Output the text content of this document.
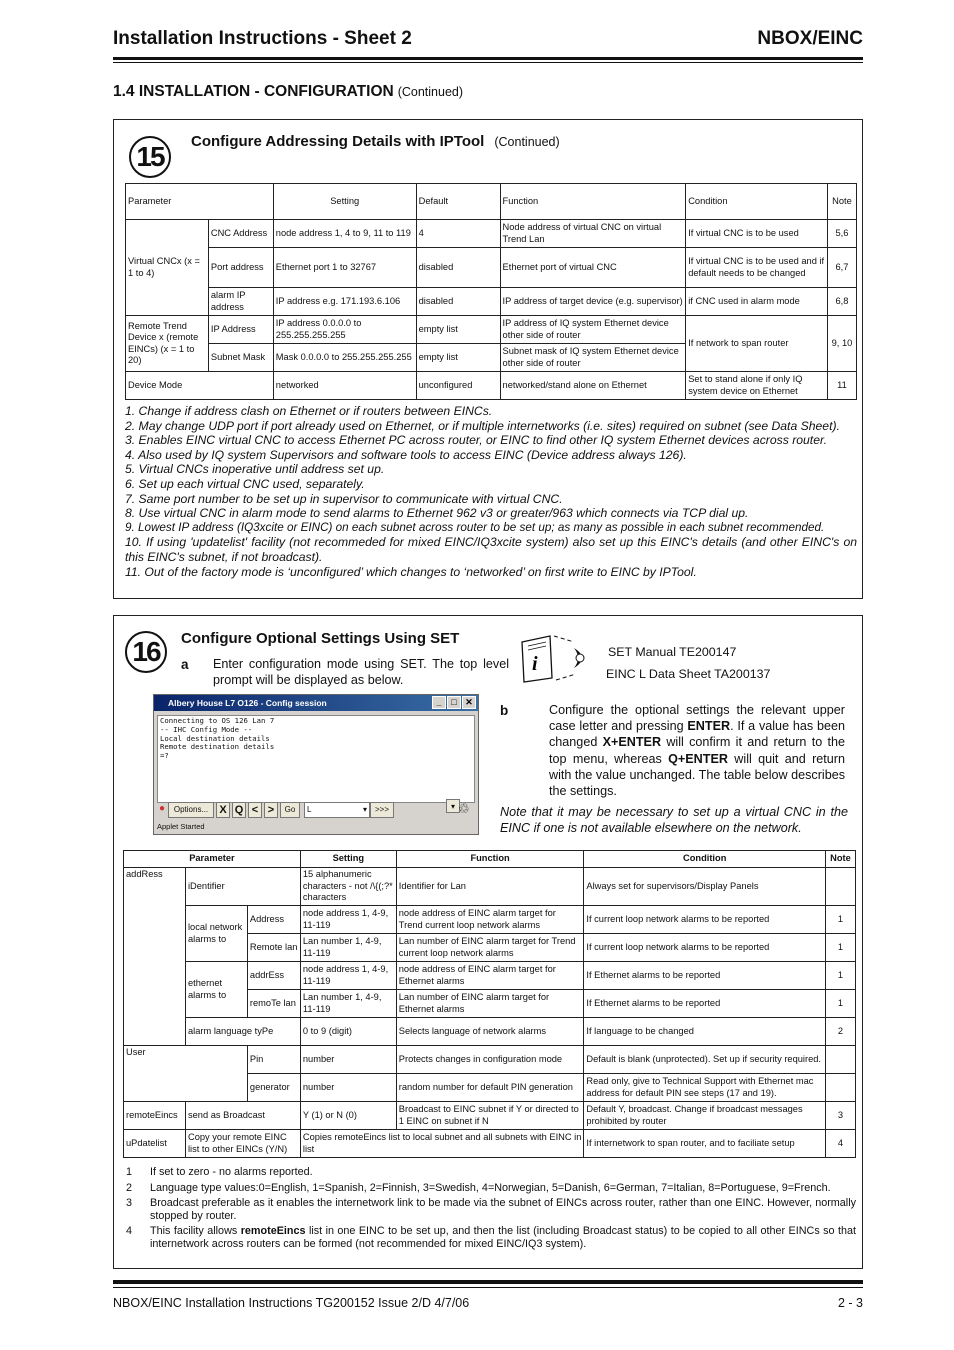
Installation Instructions - Sheet 2	NBOX/EINC
1.4 INSTALLATION - CONFIGURATION (Continued)
15	Configure Addressing Details with IPTool (Continued)
Parameter		Setting	Default	Function	Condition	Note
Virtual CNCx (x = 1 to 4)	CNC Address	node address 1, 4 to 9, 11 to 119	4	Node address of virtual CNC on virtual Trend Lan	If virtual CNC is to be used	5,6
	Port address	Ethernet port 1 to 32767	disabled	Ethernet port of virtual CNC	If virtual CNC is to be used and if default needs to be changed	6,7
	alarm IP address	IP address e.g. 171.193.6.106	disabled	IP address of target device (e.g. supervisor)	if CNC used in alarm mode	6,8
Remote Trend Device x (remote EINCs) (x = 1 to 20)	IP Address	IP address 0.0.0.0 to 255.255.255.255	empty list	IP address of IQ system Ethernet device other side of router	If network to span router	9, 10
	Subnet Mask	Mask 0.0.0.0 to 255.255.255.255	empty list	Subnet mask of IQ system Ethernet device other side of router		
Device Mode		networked	unconfigured	networked/stand alone on Ethernet	Set to stand alone if only IQ system device on Ethernet	11
1. Change if address clash on Ethernet or if routers between EINCs.
2. May change UDP port if port already used on Ethernet, or if multiple internetworks (i.e. sites) required on subnet (see Data Sheet).
3. Enables EINC virtual CNC to access Ethernet PC across router, or EINC to find other IQ system Ethernet devices across router.
4. Also used by IQ system Supervisors and software tools to access EINC (Device address always 126).
5. Virtual CNCs inoperative until address set up.
6. Set up each virtual CNC used, separately.
7. Same port number to be set up in supervisor to communicate with virtual CNC.
8. Use virtual CNC in alarm mode to send alarms to Ethernet 962 v3 or greater/963 which connects via TCP dial up.
9. Lowest IP address (IQ3xcite or EINC) on each subnet across router to be set up; as many as possible in each subnet recommended.
10. If using 'updatelist' facility (not recommeded for mixed EINC/IQ3xcite system) also set up this EINC's details (and other EINC's on this EINC's subnet, if not broadcast).
11. Out of the factory mode is ‘unconfigured’ which changes to ‘networked’ on first write to EINC by IPTool.
16	Configure Optional Settings Using SET
a Enter configuration mode using SET. The top level prompt will be displayed as below.
i
SET Manual TE200147
EINC L Data Sheet TA200137
Albery House L7 O126 - Config session	_	□ ✕
Connecting to OS 126 Lan 7
-- IHC Config Mode --
Local destination details
Remote destination details
=?
●	Options...	X Q < >	Go	L	▾ >>>	▾ ♲
Applet Started
b	Configure the optional settings the relevant upper case letter and pressing ENTER. If a value has been changed X+ENTER will confirm it and return to the top menu, whereas Q+ENTER will quit and return with the value unchanged. The table below describes the settings.
Note that it may be necessary to set up a virtual CNC in the EINC if one is not available elsewhere on the network.
Parameter			Setting	Function	Condition	Note
addRess	iDentifier		15 alphanumeric characters - not /\{(;?* characters	Identifier for Lan	Always set for supervisors/Display Panels	
	local network alarms to	Address	node address 1, 4-9, 11-119	node address of EINC alarm target for Trend current loop network alarms	If current loop network alarms to be reported	1
		Remote lan	Lan number 1, 4-9, 11-119	Lan number of EINC alarm target for Trend current loop network alarms	If current loop network alarms to be reported	1
	ethernet alarms to	addrEss	node address 1, 4-9, 11-119	node address of EINC alarm target for Ethernet alarms	If Ethernet alarms to be reported	1
		remoTe lan	Lan number 1, 4-9, 11-119	Lan number of EINC alarm target for Ethernet alarms	If Ethernet alarms to be reported	1
	alarm language tyPe		0 to 9 (digit)	Selects language of network alarms	If language to be changed	2
User		Pin	number	Protects changes in configuration mode	Default is blank (unprotected). Set up if security required.	
		generator	number	random number for default PIN generation	Read only, give to Technical Support with Ethernet mac address for default PIN see steps (17 and 19).	
remoteEincs	send as Broadcast		Y (1) or N (0)	Broadcast to EINC subnet if Y or directed to 1 EINC on subnet if N	Default Y, broadcast. Change if broadcast messages prohibited by router	3
uPdatelist	Copy your remote EINC list to other EINCs (Y/N)		Copies remoteEincs list to local subnet and all subnets with EINC in list		If internetwork to span router, and to faciliate setup	4
1 If set to zero - no alarms reported.
2 Language type values:0=English, 1=Spanish, 2=Finnish, 3=Swedish, 4=Norwegian, 5=Danish, 6=German, 7=Italian, 8=Portuguese, 9=French.
3 Broadcast preferable as it enables the internetwork link to be made via the subnet of EINCs across router, rather than one EINC. However, normally stopped by router.
4 This facility allows remoteEincs list in one EINC to be set up, and then the list (including Broadcast status) to be copied to all other EINCs so that internetwork across routers can be formed (not recommended for mixed EINC/IQ3 system).
NBOX/EINC Installation Instructions TG200152 Issue 2/D 4/7/06	2 - 3
